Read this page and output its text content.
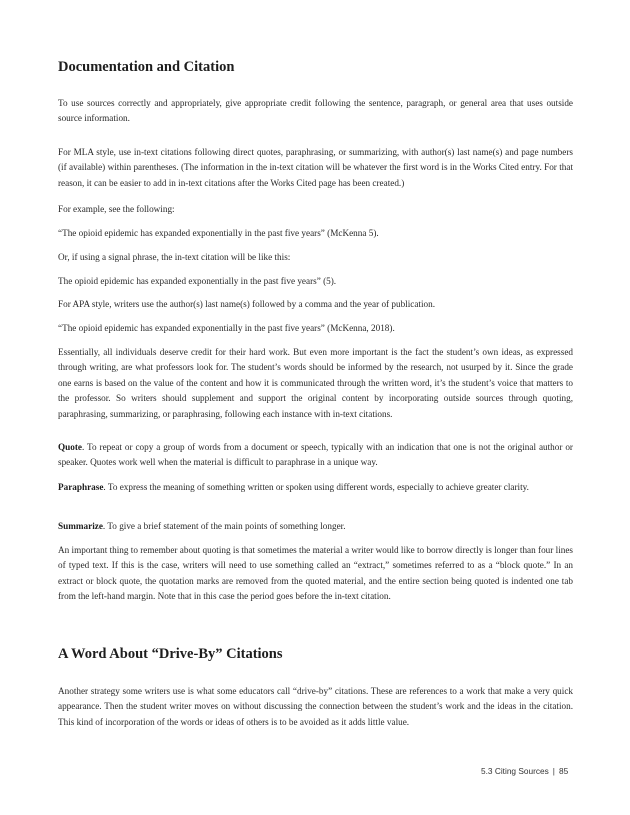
Documentation and Citation

To use sources correctly and appropriately, give appropriate credit following the sentence, paragraph, or general area that uses outside source information.

For MLA style, use in-text citations following direct quotes, paraphrasing, or summarizing, with author(s) last name(s) and page numbers (if available) within parentheses. (The information in the in-text citation will be whatever the first word is in the Works Cited entry. For that reason, it can be easier to add in in-text citations after the Works Cited page has been created.)

For example, see the following:

“The opioid epidemic has expanded exponentially in the past five years” (McKenna 5).

Or, if using a signal phrase, the in-text citation will be like this:

The opioid epidemic has expanded exponentially in the past five years” (5).

For APA style, writers use the author(s) last name(s) followed by a comma and the year of publication.

“The opioid epidemic has expanded exponentially in the past five years” (McKenna, 2018).

Essentially, all individuals deserve credit for their hard work. But even more important is the fact the student’s own ideas, as expressed through writing, are what professors look for. The student’s words should be informed by the research, not usurped by it. Since the grade one earns is based on the value of the content and how it is communicated through the written word, it’s the student’s voice that matters to the professor. So writers should supplement and support the original content by incorporating outside sources through quoting, paraphrasing, summarizing, or paraphrasing, following each instance with in-text citations.

Quote. To repeat or copy a group of words from a document or speech, typically with an indication that one is not the original author or speaker. Quotes work well when the material is difficult to paraphrase in a unique way.

Paraphrase. To express the meaning of something written or spoken using different words, especially to achieve greater clarity.

Summarize. To give a brief statement of the main points of something longer.

An important thing to remember about quoting is that sometimes the material a writer would like to borrow directly is longer than four lines of typed text. If this is the case, writers will need to use something called an “extract,” sometimes referred to as a “block quote.” In an extract or block quote, the quotation marks are removed from the quoted material, and the entire section being quoted is indented one tab from the left-hand margin. Note that in this case the period goes before the in-text citation.

A Word About “Drive-By” Citations

Another strategy some writers use is what some educators call “drive-by” citations. These are references to a work that make a very quick appearance. Then the student writer moves on without discussing the connection between the student’s work and the ideas in the citation. This kind of incorporation of the words or ideas of others is to be avoided as it adds little value.

5.3 Citing Sources | 85
